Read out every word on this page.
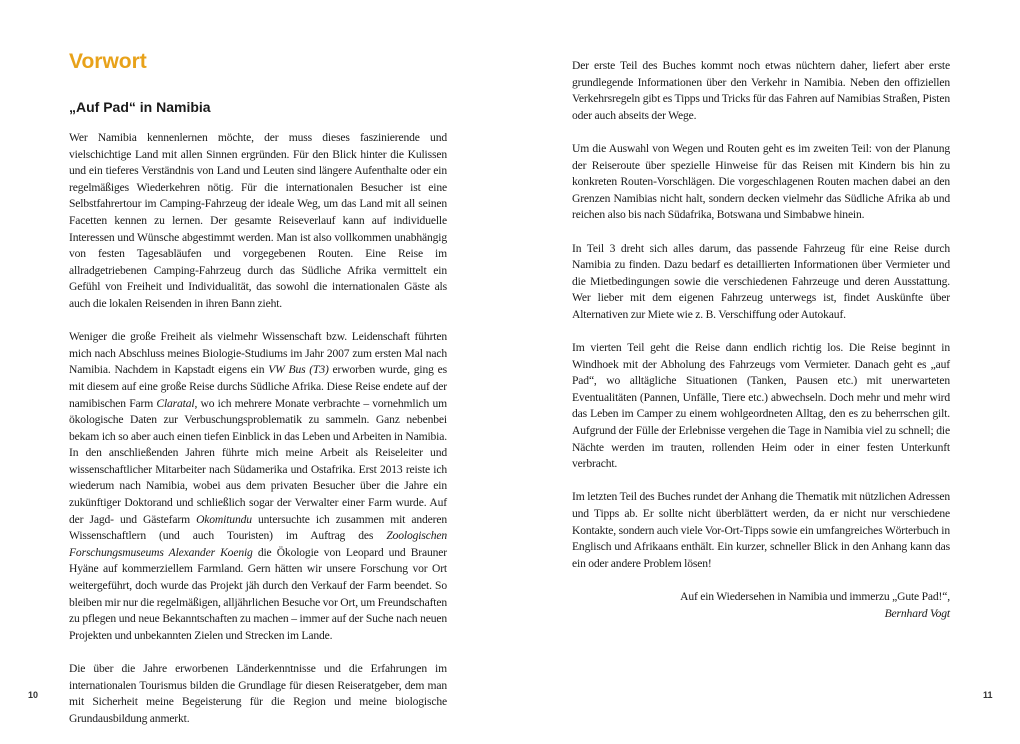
Vorwort
„Auf Pad“ in Namibia

Wer Namibia kennenlernen möchte, der muss dieses faszinierende und vielschichtige Land mit allen Sinnen ergründen. Für den Blick hinter die Kulissen und ein tieferes Verständnis von Land und Leuten sind längere Aufenthalte oder ein regelmäßiges Wiederkehren nötig. Für die internationalen Besucher ist eine Selbstfahrertour im Camping-Fahrzeug der ideale Weg, um das Land mit all seinen Facetten kennen zu lernen. Der gesamte Reiseverlauf kann auf individuelle Interessen und Wünsche abgestimmt werden. Man ist also vollkommen unabhängig von festen Tagesabläufen und vorgegebenen Routen. Eine Reise im allradgetriebenen Camping-Fahrzeug durch das Südliche Afrika vermittelt ein Gefühl von Freiheit und Individualität, das sowohl die internationalen Gäste als auch die lokalen Reisenden in ihren Bann zieht.

Weniger die große Freiheit als vielmehr Wissenschaft bzw. Leidenschaft führten mich nach Abschluss meines Biologie-Studiums im Jahr 2007 zum ersten Mal nach Namibia. Nachdem in Kapstadt eigens ein VW Bus (T3) erworben wurde, ging es mit diesem auf eine große Reise durchs Südliche Afrika. Diese Reise endete auf der namibischen Farm Claratal, wo ich mehrere Monate verbrachte – vornehmlich um ökologische Daten zur Verbuschungsproblematik zu sammeln. Ganz nebenbei bekam ich so aber auch einen tiefen Einblick in das Leben und Arbeiten in Namibia. In den anschließenden Jahren führte mich meine Arbeit als Reiseleiter und wissenschaftlicher Mitarbeiter nach Südamerika und Ostafrika. Erst 2013 reiste ich wiederum nach Namibia, wobei aus dem privaten Besucher über die Jahre ein zukünftiger Doktorand und schließlich sogar der Verwalter einer Farm wurde. Auf der Jagd- und Gästefarm Okomitundu untersuchte ich zusammen mit anderen Wissenschaftlern (und auch Touristen) im Auftrag des Zoologischen Forschungsmuseums Alexander Koenig die Ökologie von Leopard und Brauner Hyäne auf kommerziellem Farmland. Gern hätten wir unsere Forschung vor Ort weitergeführt, doch wurde das Projekt jäh durch den Verkauf der Farm beendet. So bleiben mir nur die regelmäßigen, alljährlichen Besuche vor Ort, um Freundschaften zu pflegen und neue Bekanntschaften zu machen – immer auf der Suche nach neuen Projekten und unbekannten Zielen und Strecken im Lande.

Die über die Jahre erworbenen Länderkenntnisse und die Erfahrungen im internationalen Tourismus bilden die Grundlage für diesen Reiseratgeber, dem man mit Sicherheit meine Begeisterung für die Region und meine biologische Grundausbildung anmerkt.

10

Der erste Teil des Buches kommt noch etwas nüchtern daher, liefert aber erste grundlegende Informationen über den Verkehr in Namibia. Neben den offiziellen Verkehrsregeln gibt es Tipps und Tricks für das Fahren auf Namibias Straßen, Pisten oder auch abseits der Wege.

Um die Auswahl von Wegen und Routen geht es im zweiten Teil: von der Planung der Reiseroute über spezielle Hinweise für das Reisen mit Kindern bis hin zu konkreten Routen-Vorschlägen. Die vorgeschlagenen Routen machen dabei an den Grenzen Namibias nicht halt, sondern decken vielmehr das Südliche Afrika ab und reichen also bis nach Südafrika, Botswana und Simbabwe hinein.

In Teil 3 dreht sich alles darum, das passende Fahrzeug für eine Reise durch Namibia zu finden. Dazu bedarf es detaillierten Informationen über Vermieter und die Mietbedingungen sowie die verschiedenen Fahrzeuge und deren Ausstattung. Wer lieber mit dem eigenen Fahrzeug unterwegs ist, findet Auskünfte über Alternativen zur Miete wie z. B. Verschiffung oder Autokauf.

Im vierten Teil geht die Reise dann endlich richtig los. Die Reise beginnt in Windhoek mit der Abholung des Fahrzeugs vom Vermieter. Danach geht es „auf Pad“, wo alltägliche Situationen (Tanken, Pausen etc.) mit unerwarteten Eventualitäten (Pannen, Unfälle, Tiere etc.) abwechseln. Doch mehr und mehr wird das Leben im Camper zu einem wohlgeordneten Alltag, den es zu beherrschen gilt. Aufgrund der Fülle der Erlebnisse vergehen die Tage in Namibia viel zu schnell; die Nächte werden im trauten, rollenden Heim oder in einer festen Unterkunft verbracht.

Im letzten Teil des Buches rundet der Anhang die Thematik mit nützlichen Adressen und Tipps ab. Er sollte nicht überblättert werden, da er nicht nur verschiedene Kontakte, sondern auch viele Vor-Ort-Tipps sowie ein umfangreiches Wörterbuch in Englisch und Afrikaans enthält. Ein kurzer, schneller Blick in den Anhang kann das ein oder andere Problem lösen!

Auf ein Wiedersehen in Namibia und immerzu „Gute Pad!“,

Bernhard Vogt

11
